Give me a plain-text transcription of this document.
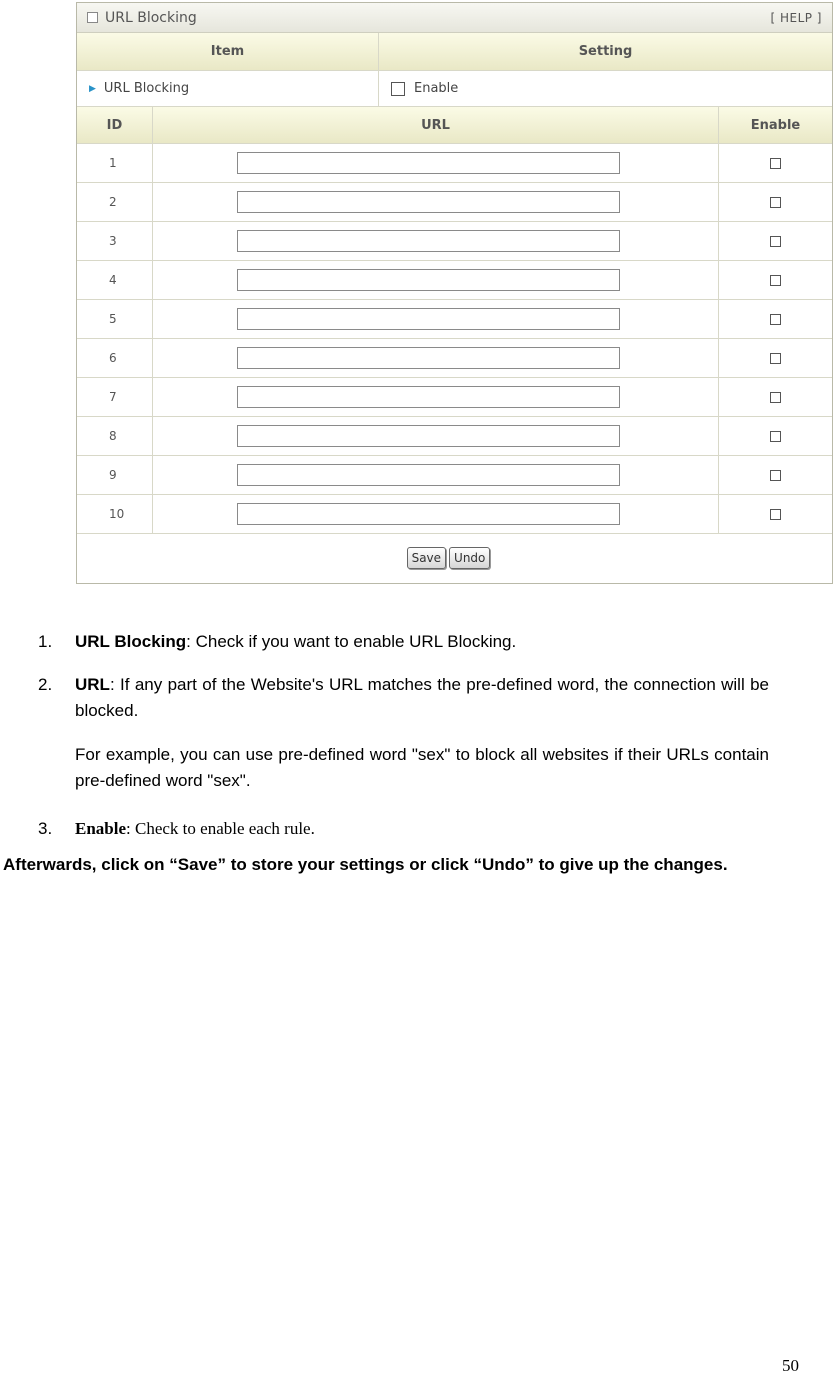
URL Blocking	[ HELP ]
Item	Setting
▶ URL Blocking	Enable
ID	URL	Enable
1
2
3
4
5
6
7
8
9
10
Save	Undo
1. URL Blocking: Check if you want to enable URL Blocking.
2. URL: If any part of the Website's URL matches the pre-defined word, the connection will be blocked.
For example, you can use pre-defined word "sex" to block all websites if their URLs contain pre-defined word "sex".
3. Enable: Check to enable each rule.
Afterwards, click on “Save” to store your settings or click “Undo” to give up the changes.
50
